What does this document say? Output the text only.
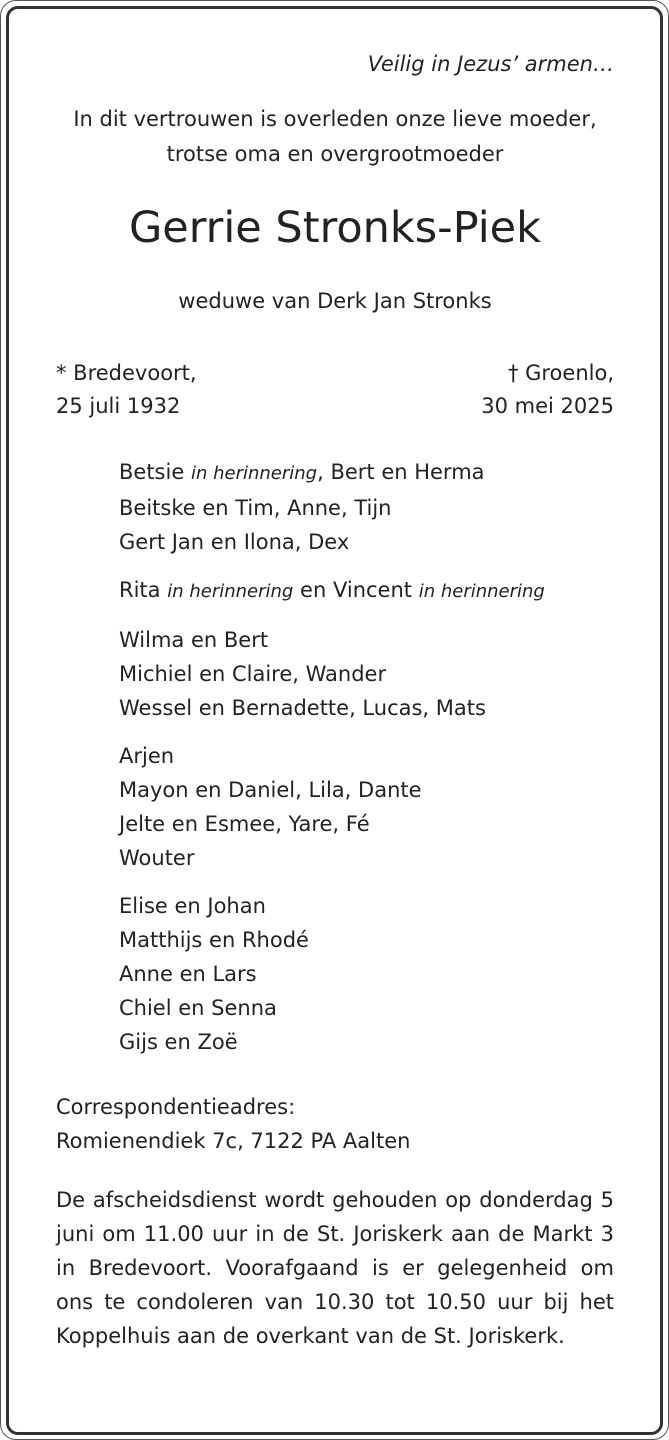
Veilig in Jezus’ armen…
In dit vertrouwen is overleden onze lieve moeder,
trotse oma en overgrootmoeder
Gerrie Stronks-Piek
weduwe van Derk Jan Stronks
* Bredevoort,
25 juli 1932
† Groenlo,
30 mei 2025
Betsie in herinnering, Bert en Herma
Beitske en Tim, Anne, Tijn
Gert Jan en Ilona, Dex
Rita in herinnering en Vincent in herinnering
Wilma en Bert
Michiel en Claire, Wander
Wessel en Bernadette, Lucas, Mats
Arjen
Mayon en Daniel, Lila, Dante
Jelte en Esmee, Yare, Fé
Wouter
Elise en Johan
Matthijs en Rhodé
Anne en Lars
Chiel en Senna
Gijs en Zoë
Correspondentieadres:
Romienendiek 7c, 7122 PA Aalten
De afscheidsdienst wordt gehouden op donderdag 5 juni om 11.00 uur in de St. Joriskerk aan de Markt 3 in Bredevoort. Voorafgaand is er gelegenheid om ons te condoleren van 10.30 tot 10.50 uur bij het Koppelhuis aan de overkant van de St. Joriskerk.
